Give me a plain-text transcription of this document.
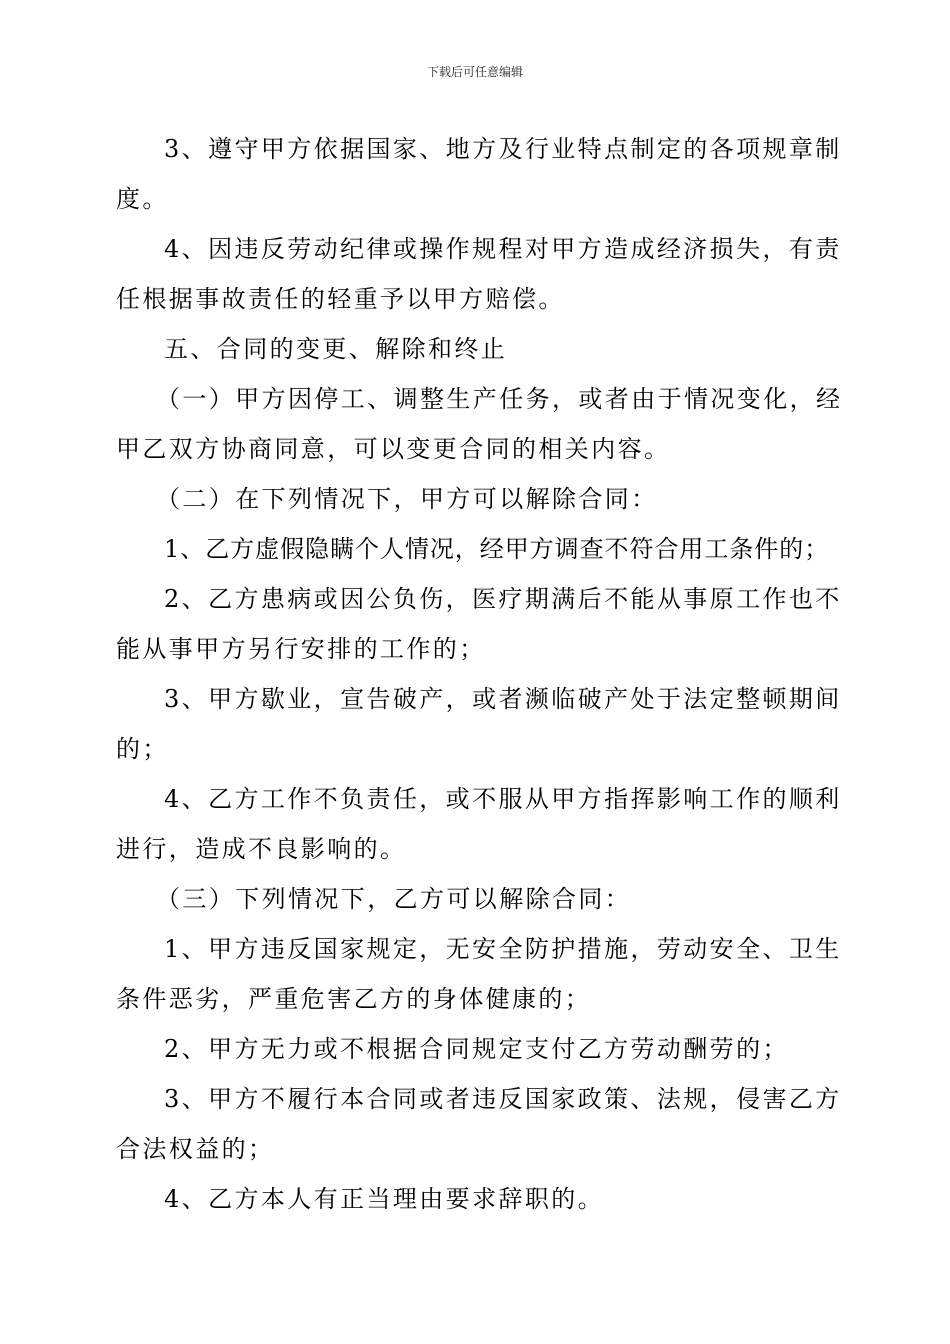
下载后可任意编辑

3、遵守甲方依据国家、地方及行业特点制定的各项规章制

度。

4、因违反劳动纪律或操作规程对甲方造成经济损失，有责

任根据事故责任的轻重予以甲方赔偿。

五、合同的变更、解除和终止

（一）甲方因停工、调整生产任务，或者由于情况变化，经

甲乙双方协商同意，可以变更合同的相关内容。

（二）在下列情况下，甲方可以解除合同：

1、乙方虚假隐瞒个人情况，经甲方调查不符合用工条件的；

2、乙方患病或因公负伤，医疗期满后不能从事原工作也不

能从事甲方另行安排的工作的；

3、甲方歇业，宣告破产，或者濒临破产处于法定整顿期间

的；

4、乙方工作不负责任，或不服从甲方指挥影响工作的顺利

进行，造成不良影响的。

（三）下列情况下，乙方可以解除合同：

1、甲方违反国家规定，无安全防护措施，劳动安全、卫生

条件恶劣，严重危害乙方的身体健康的；

2、甲方无力或不根据合同规定支付乙方劳动酬劳的；

3、甲方不履行本合同或者违反国家政策、法规，侵害乙方

合法权益的；

4、乙方本人有正当理由要求辞职的。
